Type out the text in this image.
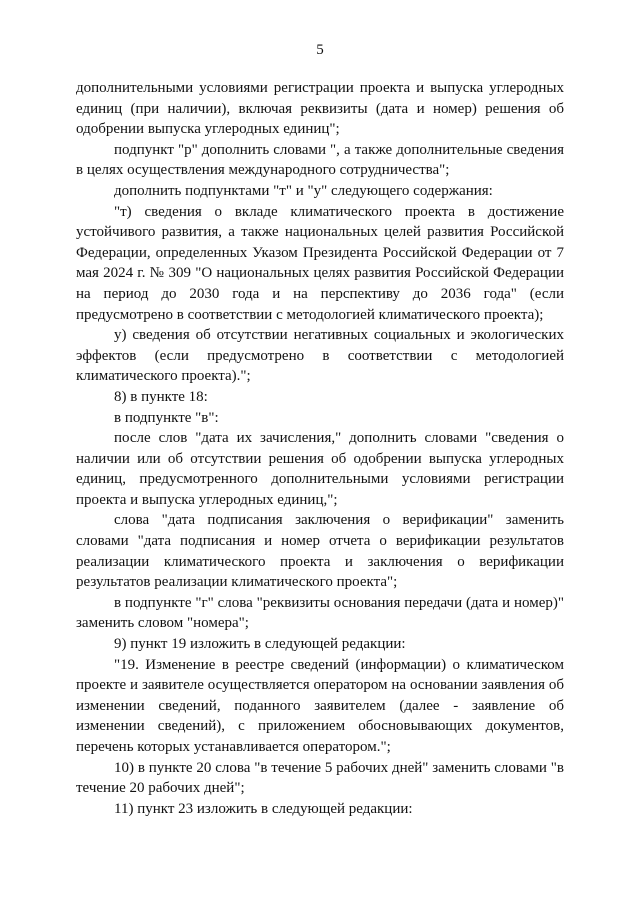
5

дополнительными условиями регистрации проекта и выпуска углеродных единиц (при наличии), включая реквизиты (дата и номер) решения об одобрении выпуска углеродных единиц";

подпункт "р" дополнить словами ", а также дополнительные сведения в целях осуществления международного сотрудничества";

дополнить подпунктами "т" и "у" следующего содержания:

"т) сведения о вкладе климатического проекта в достижение устойчивого развития, а также национальных целей развития Российской Федерации, определенных Указом Президента Российской Федерации от 7 мая 2024 г. № 309 "О национальных целях развития Российской Федерации на период до 2030 года и на перспективу до 2036 года" (если предусмотрено в соответствии с методологией климатического проекта);

у) сведения об отсутствии негативных социальных и экологических эффектов (если предусмотрено в соответствии с методологией климатического проекта).";

8) в пункте 18:

в подпункте "в":

после слов "дата их зачисления," дополнить словами "сведения о наличии или об отсутствии решения об одобрении выпуска углеродных единиц, предусмотренного дополнительными условиями регистрации проекта и выпуска углеродных единиц,";

слова "дата подписания заключения о верификации" заменить словами "дата подписания и номер отчета о верификации результатов реализации климатического проекта и заключения о верификации результатов реализации климатического проекта";

в подпункте "г" слова "реквизиты основания передачи (дата и номер)" заменить словом "номера";

9) пункт 19 изложить в следующей редакции:

"19. Изменение в реестре сведений (информации) о климатическом проекте и заявителе осуществляется оператором на основании заявления об изменении сведений, поданного заявителем (далее - заявление об изменении сведений), с приложением обосновывающих документов, перечень которых устанавливается оператором.";

10) в пункте 20 слова "в течение 5 рабочих дней" заменить словами "в течение 20 рабочих дней";

11) пункт 23 изложить в следующей редакции:
